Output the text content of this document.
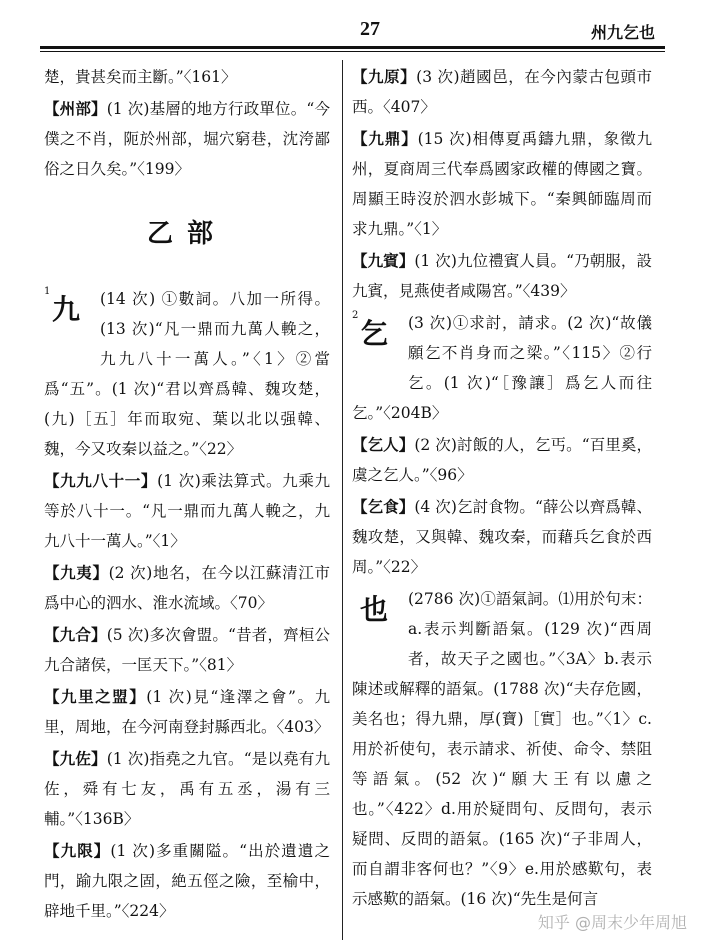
27	州九乞也

楚，貴甚矣而主斷。”〈161〉

【州部】(1 次)基層的地方行政單位。“今僕之不肖，阨於州部，堀穴窮巷，沈洿鄙俗之日久矣。”〈199〉

乙部
1
九 (14 次) ①數詞。八加一所得。(13 次)“凡一鼎而九萬人輓之，九九八十一萬人。”〈1〉②當爲“五”。(1 次)“君以齊爲韓、魏攻楚，(九)［五］年而取宛、葉以北以强韓、魏，今又攻秦以益之。”〈22〉

【九九八十一】(1 次)乘法算式。九乘九等於八十一。“凡一鼎而九萬人輓之，九九八十一萬人。”〈1〉

【九夷】(2 次)地名，在今以江蘇清江市爲中心的泗水、淮水流域。〈70〉

【九合】(5 次)多次會盟。“昔者，齊桓公九合諸侯，一匡天下。”〈81〉

【九里之盟】(1 次)見“逢澤之會”。九里，周地，在今河南登封縣西北。〈403〉

【九佐】(1 次)指堯之九官。“是以堯有九佐，舜有七友，禹有五丞，湯有三輔。”〈136B〉

【九限】(1 次)多重關隘。“出於遺遺之門，踰九限之固，絶五俓之險，至榆中，辟地千里。”〈224〉

【九原】(3 次)趙國邑，在今內蒙古包頭市西。〈407〉

【九鼎】(15 次)相傳夏禹鑄九鼎，象徵九州，夏商周三代奉爲國家政權的傳國之寶。周顯王時沒於泗水彭城下。“秦興師臨周而求九鼎。”〈1〉

【九賓】(1 次)九位禮賓人員。“乃朝服，設九賓，見燕使者咸陽宮。”〈439〉

2
乞 (3 次)①求討，請求。(2 次)“故儀願乞不肖身而之梁。”〈115〉②行乞。(1 次)“［豫讓］爲乞人而往乞。”〈204B〉

【乞人】(2 次)討飯的人，乞丐。“百里奚，虞之乞人。”〈96〉

【乞食】(4 次)乞討食物。“薛公以齊爲韓、魏攻楚，又與韓、魏攻秦，而藉兵乞食於西周。”〈22〉

也 (2786 次)①語氣詞。⑴用於句末：a.表示判斷語氣。(129 次)“西周者，故天子之國也。”〈3A〉b.表示陳述或解釋的語氣。(1788 次)“夫存危國，美名也；得九鼎，厚(寶)［實］也。”〈1〉c.用於祈使句，表示請求、祈使、命令、禁阻等語氣。(52 次)“願大王有以慮之也。”〈422〉d.用於疑問句、反問句，表示疑問、反問的語氣。(165 次)“子非周人，而自謂非客何也？”〈9〉e.用於感歎句，表示感歎的語氣。(16 次)“先生是何言
知乎 @周末少年周旭
